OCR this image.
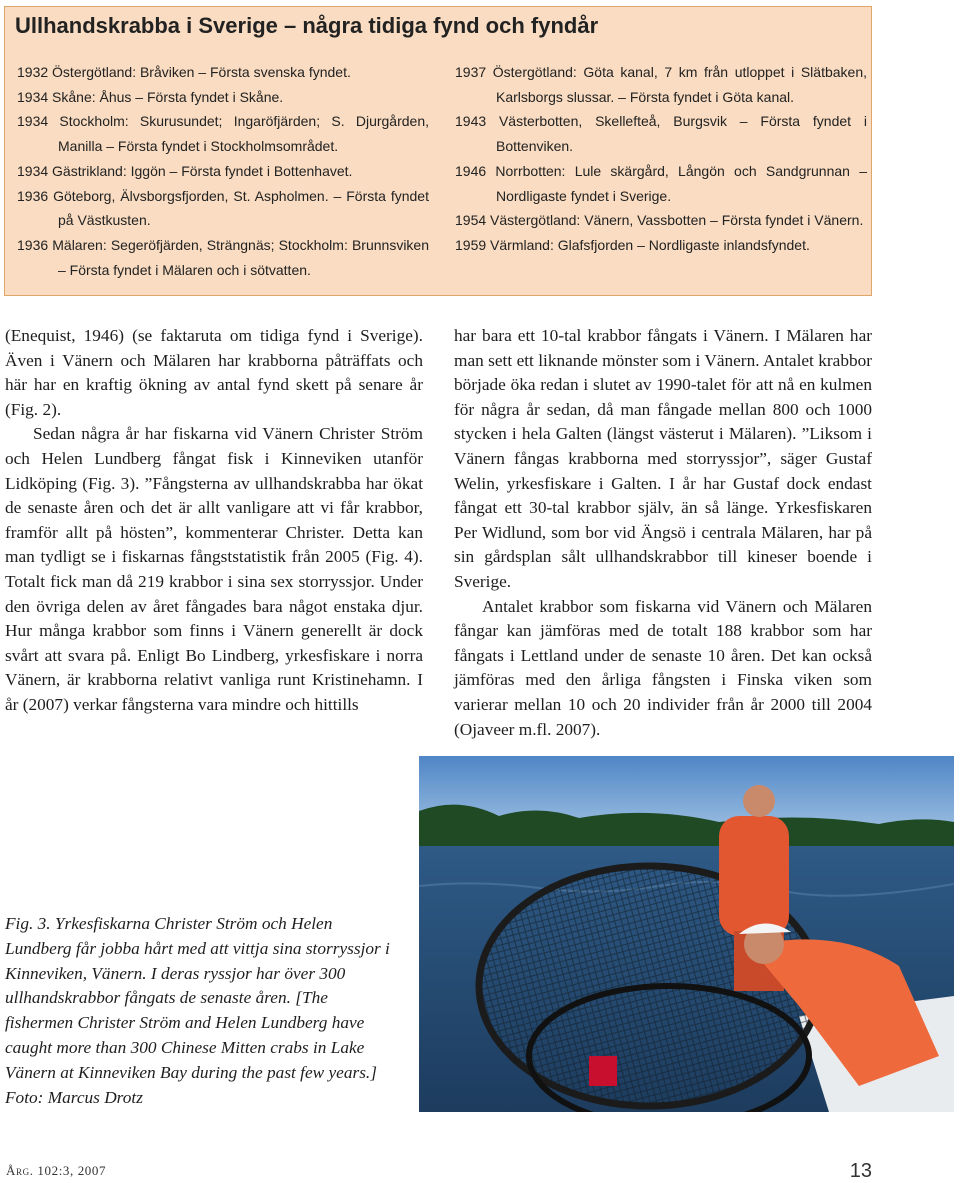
Ullhandskrabba i Sverige – några tidiga fynd och fyndår
1932 Östergötland: Bråviken – Första svenska fyndet.
1934 Skåne: Åhus – Första fyndet i Skåne.
1934 Stockholm: Skurusundet; Ingaröfjärden; S. Djurgården, Manilla – Första fyndet i Stockholmsområdet.
1934 Gästrikland: Iggön – Första fyndet i Bottenhavet.
1936 Göteborg, Älvsborgsfjorden, St. Aspholmen. – Första fyndet på Västkusten.
1936 Mälaren: Segeröfjärden, Strängnäs; Stockholm: Brunnsviken – Första fyndet i Mälaren och i sötvatten.
1937 Östergötland: Göta kanal, 7 km från utloppet i Slätbaken, Karlsborgs slussar. – Första fyndet i Göta kanal.
1943 Västerbotten, Skellefteå, Burgsvik – Första fyndet i Bottenviken.
1946 Norrbotten: Lule skärgård, Långön och Sandgrunnan – Nordligaste fyndet i Sverige.
1954 Västergötland: Vänern, Vassbotten – Första fyndet i Vänern.
1959 Värmland: Glafsfjorden – Nordligaste inlandsfyndet.

(Enequist, 1946) (se faktaruta om tidiga fynd i Sverige). Även i Vänern och Mälaren har krabborna påträffats och här har en kraftig ökning av antal fynd skett på senare år (Fig. 2).

Sedan några år har fiskarna vid Vänern Christer Ström och Helen Lundberg fångat fisk i Kinneviken utanför Lidköping (Fig. 3). ”Fångsterna av ullhandskrabba har ökat de senaste åren och det är allt vanligare att vi får krabbor, framför allt på hösten”, kommenterar Christer. Detta kan man tydligt se i fiskarnas fångststatistik från 2005 (Fig. 4). Totalt fick man då 219 krabbor i sina sex storryssjor. Under den övriga delen av året fångades bara något enstaka djur. Hur många krabbor som finns i Vänern generellt är dock svårt att svara på. Enligt Bo Lindberg, yrkesfiskare i norra Vänern, är krabborna relativt vanliga runt Kristinehamn. I år (2007) verkar fångsterna vara mindre och hittills

har bara ett 10-tal krabbor fångats i Vänern. I Mälaren har man sett ett liknande mönster som i Vänern. Antalet krabbor började öka redan i slutet av 1990-talet för att nå en kulmen för några år sedan, då man fångade mellan 800 och 1000 stycken i hela Galten (längst västerut i Mälaren). ”Liksom i Vänern fångas krabborna med storryssjor”, säger Gustaf Welin, yrkesfiskare i Galten. I år har Gustaf dock endast fångat ett 30-tal krabbor själv, än så länge. Yrkesfiskaren Per Widlund, som bor vid Ängsö i centrala Mälaren, har på sin gårdsplan sålt ullhandskrabbor till kineser boende i Sverige.

Antalet krabbor som fiskarna vid Vänern och Mälaren fångar kan jämföras med de totalt 188 krabbor som har fångats i Lettland under de senaste 10 åren. Det kan också jämföras med den årliga fångsten i Finska viken som varierar mellan 10 och 20 individer från år 2000 till 2004 (Ojaveer m.fl. 2007).

Fig. 3. Yrkesfiskarna Christer Ström och Helen Lundberg får jobba hårt med att vittja sina storryssjor i Kinneviken, Vänern. I deras ryssjor har över 300 ullhandskrabbor fångats de senaste åren. [The fishermen Christer Ström and Helen Lundberg have caught more than 300 Chinese Mitten crabs in Lake Vänern at Kinneviken Bay during the past few years.] Foto: Marcus Drotz

Årg. 102:3, 2007	13
